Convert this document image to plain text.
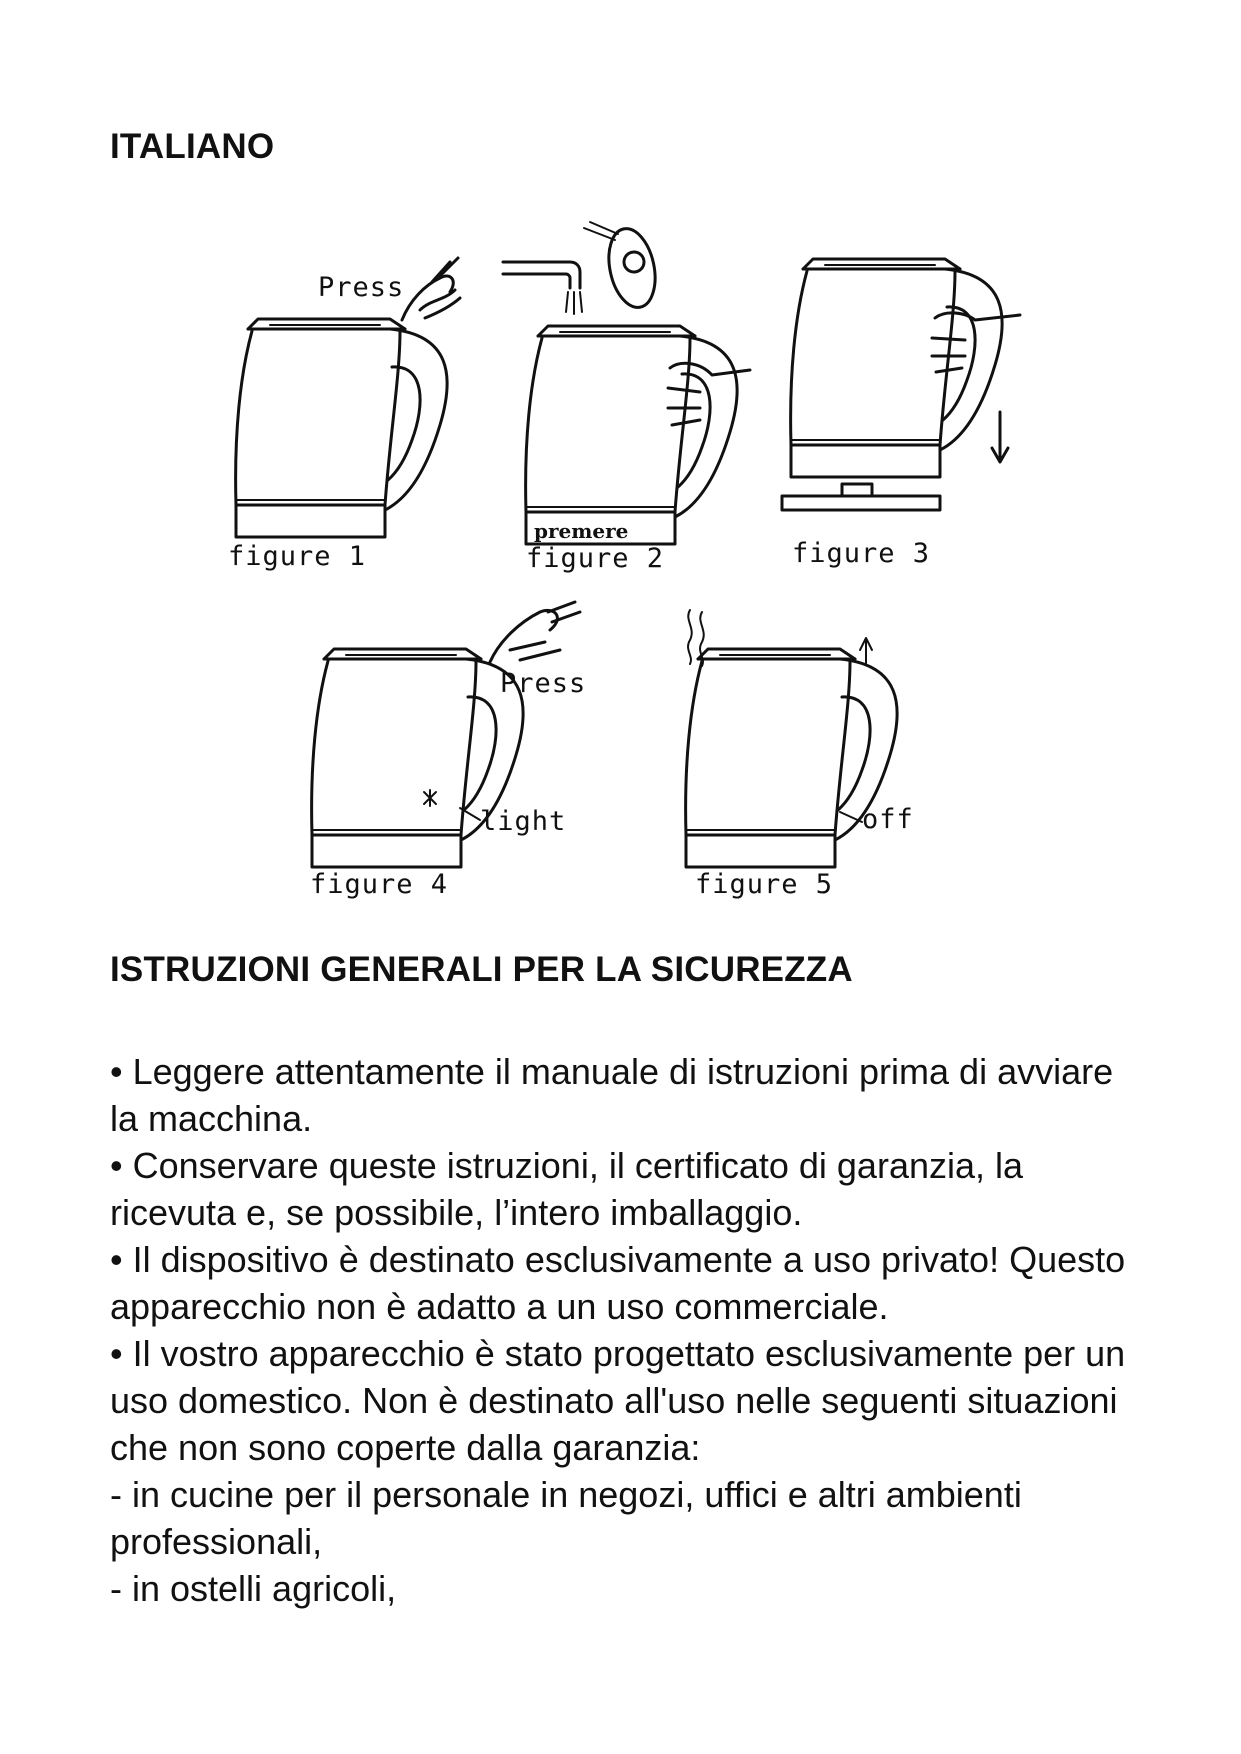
ITALIANO
Press
figure 1
premere
figure 2	figure 3
Press
light
figure 4
off
figure 5
ISTRUZIONI GENERALI PER LA SICUREZZA

• Leggere attentamente il manuale di istruzioni prima di avviare la macchina.

• Conservare queste istruzioni, il certificato di garanzia, la ricevuta e, se possibile, l’intero imballaggio.

• Il dispositivo è destinato esclusivamente a uso privato! Questo apparecchio non è adatto a un uso commerciale.

• Il vostro apparecchio è stato progettato esclusivamente per un uso domestico. Non è destinato all'uso nelle seguenti situazioni che non sono coperte dalla garanzia:

- in cucine per il personale in negozi, uffici e altri ambienti professionali,

- in ostelli agricoli,
